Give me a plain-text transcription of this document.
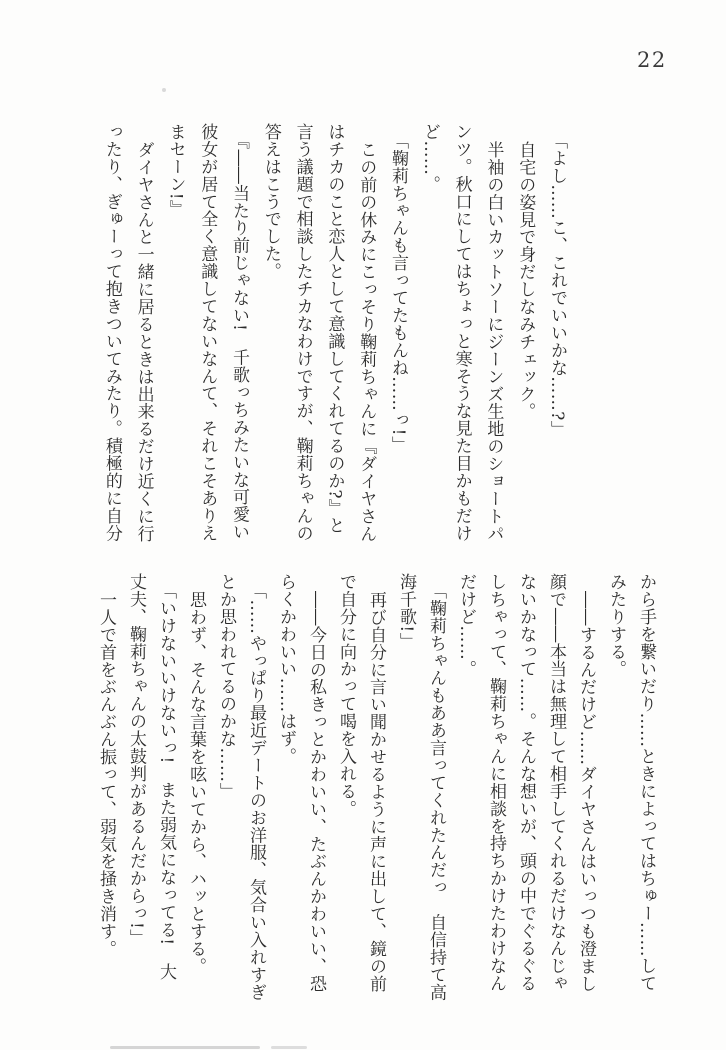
22
「よし……こ、これでいいかな……?」
自宅の姿見で身だしなみチェック。
半袖の白いカットソーにジーンズ生地のショートパ
ンツ。秋口にしてはちょっと寒そうな見た目かもだけ
ど……。
「鞠莉ちゃんも言ってたもんね……っ!」
この前の休みにこっそり鞠莉ちゃんに『ダイヤさん
はチカのこと恋人として意識してくれてるのか?』と
言う議題で相談したチカなわけですが、鞠莉ちゃんの
答えはこうでした。
『――当たり前じゃない!　千歌っちみたいな可愛い
彼女が居て全く意識してないなんて、それこそありえ
まセーン!』
ダイヤさんと一緒に居るときは出来るだけ近くに行
ったり、ぎゅーって抱きついてみたり。積極的に自分
から手を繋いだり……ときによってはちゅー……して
みたりする。
――するんだけど……ダイヤさんはいっつも澄まし
顔で――本当は無理して相手してくれるだけなんじゃ
ないかなって……。そんな想いが、頭の中でぐるぐる
しちゃって、鞠莉ちゃんに相談を持ちかけたわけなん
だけど……。
「鞠莉ちゃんもああ言ってくれたんだっ　自信持て高
海千歌!」
再び自分に言い聞かせるように声に出して、鏡の前
で自分に向かって喝を入れる。
――今日の私きっとかわいい、たぶんかわいい、恐
らくかわいい……はず。
「……やっぱり最近デートのお洋服、気合い入れすぎ
とか思われてるのかな……」
思わず、そんな言葉を呟いてから、ハッとする。
「いけないいけないっ!　また弱気になってる!　大
丈夫、鞠莉ちゃんの太鼓判があるんだからっ!」
一人で首をぶんぶん振って、弱気を掻き消す。
